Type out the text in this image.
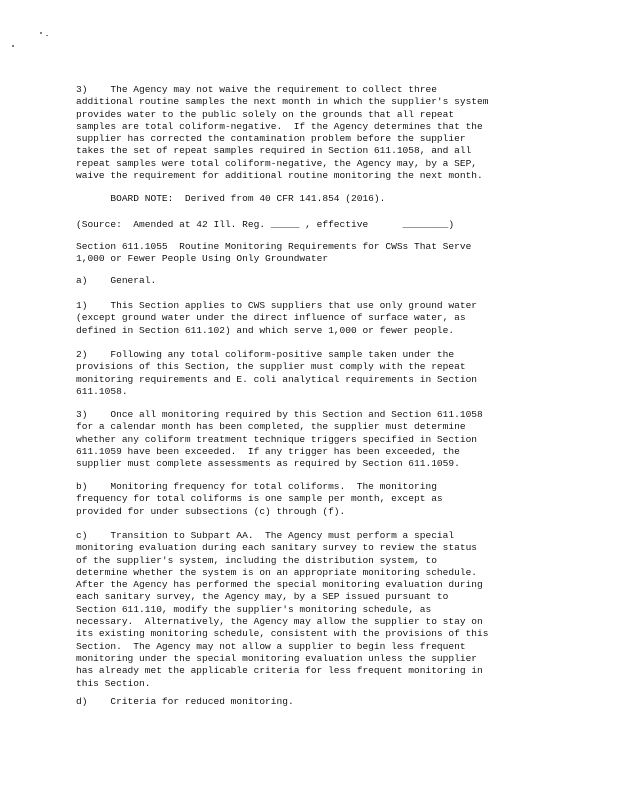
3)    The Agency may not waive the requirement to collect three
additional routine samples the next month in which the supplier's system
provides water to the public solely on the grounds that all repeat
samples are total coliform-negative.  If the Agency determines that the
supplier has corrected the contamination problem before the supplier
takes the set of repeat samples required in Section 611.1058, and all
repeat samples were total coliform-negative, the Agency may, by a SEP,
waive the requirement for additional routine monitoring the next month.
BOARD NOTE:  Derived from 40 CFR 141.854 (2016).
(Source:  Amended at 42 Ill. Reg. _____ , effective      ________)
Section 611.1055  Routine Monitoring Requirements for CWSs That Serve
1,000 or Fewer People Using Only Groundwater
a)    General.
1)    This Section applies to CWS suppliers that use only ground water
(except ground water under the direct influence of surface water, as
defined in Section 611.102) and which serve 1,000 or fewer people.
2)    Following any total coliform-positive sample taken under the
provisions of this Section, the supplier must comply with the repeat
monitoring requirements and E. coli analytical requirements in Section
611.1058.
3)    Once all monitoring required by this Section and Section 611.1058
for a calendar month has been completed, the supplier must determine
whether any coliform treatment technique triggers specified in Section
611.1059 have been exceeded.  If any trigger has been exceeded, the
supplier must complete assessments as required by Section 611.1059.
b)    Monitoring frequency for total coliforms.  The monitoring
frequency for total coliforms is one sample per month, except as
provided for under subsections (c) through (f).
c)    Transition to Subpart AA.  The Agency must perform a special
monitoring evaluation during each sanitary survey to review the status
of the supplier's system, including the distribution system, to
determine whether the system is on an appropriate monitoring schedule.
After the Agency has performed the special monitoring evaluation during
each sanitary survey, the Agency may, by a SEP issued pursuant to
Section 611.110, modify the supplier's monitoring schedule, as
necessary.  Alternatively, the Agency may allow the supplier to stay on
its existing monitoring schedule, consistent with the provisions of this
Section.  The Agency may not allow a supplier to begin less frequent
monitoring under the special monitoring evaluation unless the supplier
has already met the applicable criteria for less frequent monitoring in
this Section.
d)    Criteria for reduced monitoring.
